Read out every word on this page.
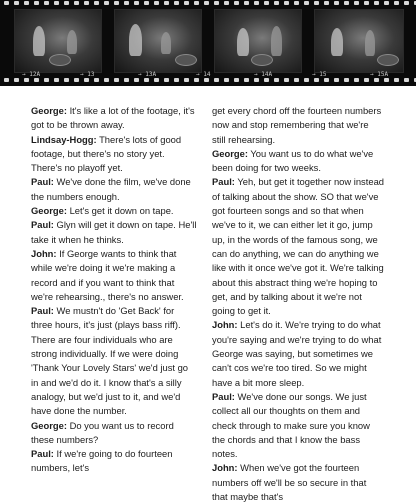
→ 12A	→ 13	→ 13A	→ 14	→ 14A	→ 15	→ 15A

George: It's like a lot of the footage, it's got to be thrown away.

Lindsay-Hogg: There's lots of good footage, but there's no story yet. There's no playoff yet.

Paul: We've done the film, we've done the numbers enough.

George: Let's get it down on tape.

Paul: Glyn will get it down on tape. He'll take it when he thinks.

John: If George wants to think that while we're doing it we're making a record and if you want to think that we're rehearsing., there's no answer.

Paul: We mustn't do 'Get Back' for three hours, it's just (plays bass riff). There are four individuals who are strong individually. If we were doing 'Thank Your Lovely Stars' we'd just go in and we'd do it. I know that's a silly analogy, but we'd just to it, and we'd have done the number.

George: Do you want us to record these numbers?

Paul: If we're going to do fourteen numbers, let's

get every chord off the fourteen numbers now and stop remembering that we're still rehearsing.

George: You want us to do what we've been doing for two weeks.

Paul: Yeh, but get it together now instead of talking about the show. SO that we've got fourteen songs and so that when we've to it, we can either let it go, jump up, in the words of the famous song, we can do anything, we can do anything we like with it once we've got it. We're talking about this abstract thing we're hoping to get, and by talking about it we're not going to get it.

John: Let's do it. We're trying to do what you're saying and we're trying to do what George was saying, but sometimes we can't cos we're too tired. So we might have a bit more sleep.

Paul: We've done our songs. We just collect all our thoughts on them and check through to make sure you know the chords and that I know the bass notes.

John: When we've got the fourteen numbers off we'll be so secure in that that maybe that's
